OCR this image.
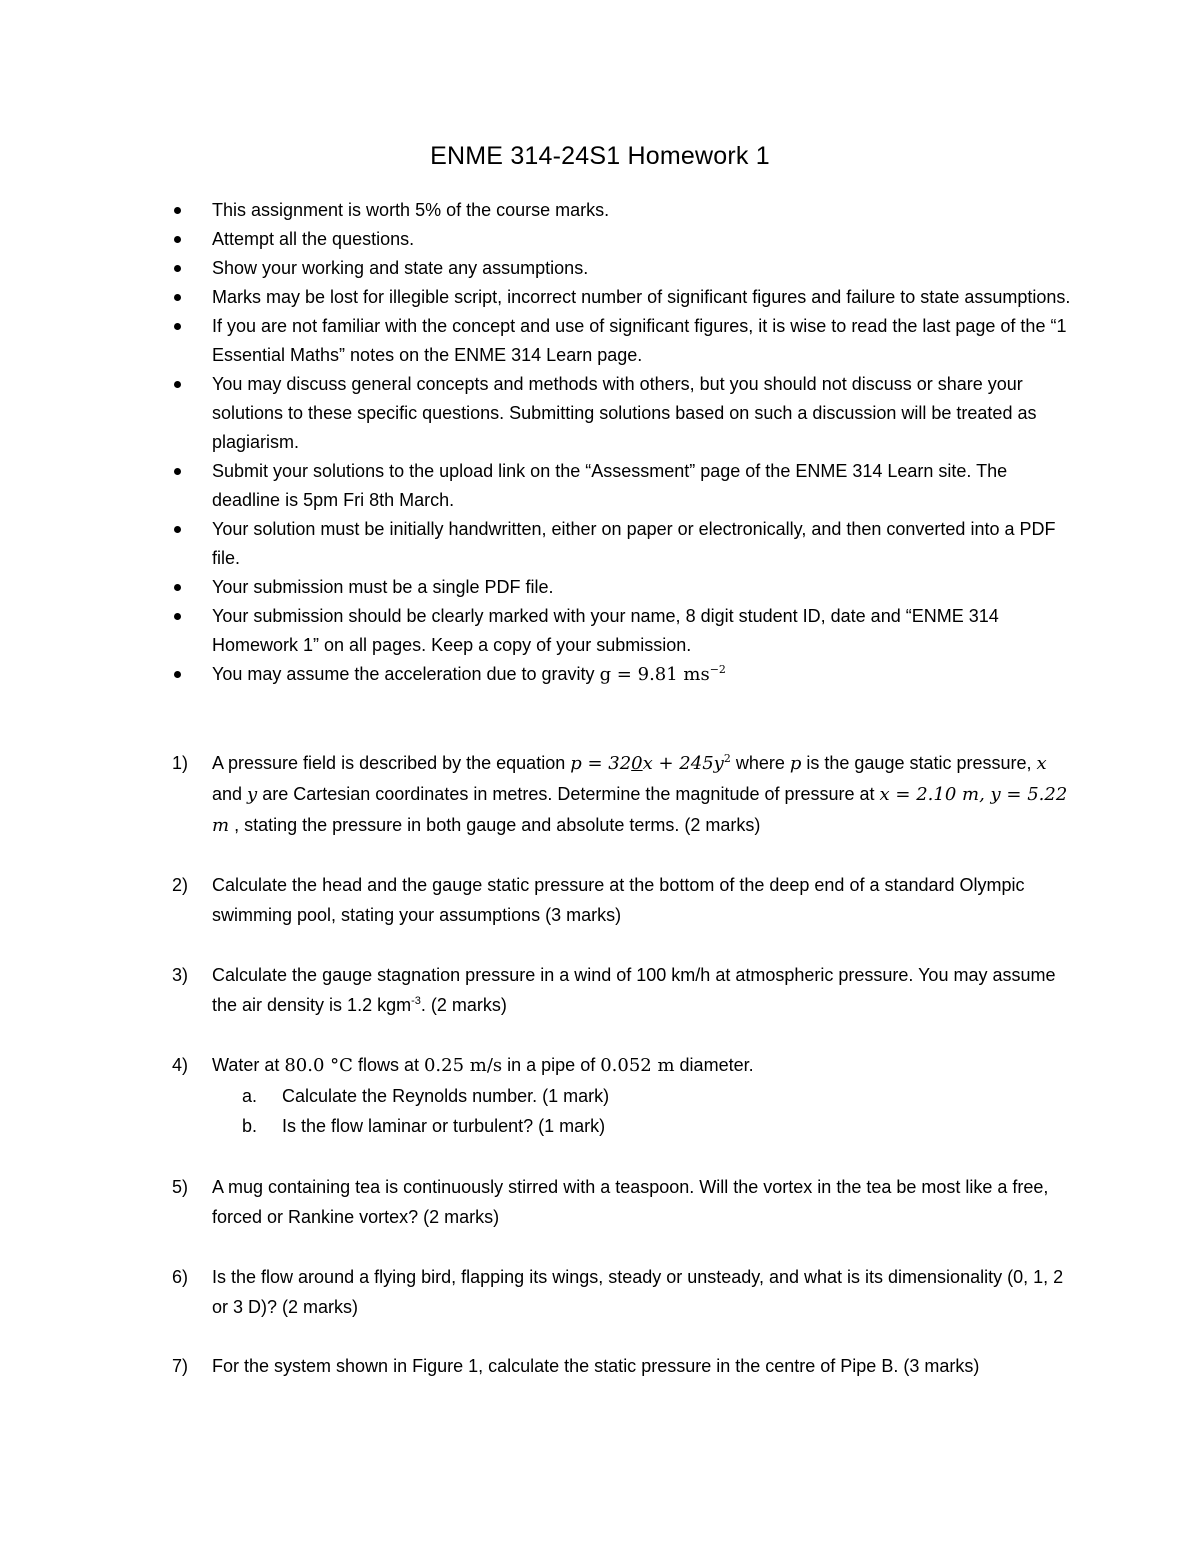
ENME 314-24S1 Homework 1
This assignment is worth 5% of the course marks.
Attempt all the questions.
Show your working and state any assumptions.
Marks may be lost for illegible script, incorrect number of significant figures and failure to state assumptions.
If you are not familiar with the concept and use of significant figures, it is wise to read the last page of the “1 Essential Maths” notes on the ENME 314 Learn page.
You may discuss general concepts and methods with others, but you should not discuss or share your solutions to these specific questions. Submitting solutions based on such a discussion will be treated as plagiarism.
Submit your solutions to the upload link on the “Assessment” page of the ENME 314 Learn site. The deadline is 5pm Fri 8th March.
Your solution must be initially handwritten, either on paper or electronically, and then converted into a PDF file.
Your submission must be a single PDF file.
Your submission should be clearly marked with your name, 8 digit student ID, date and “ENME 314 Homework 1” on all pages. Keep a copy of your submission.
You may assume the acceleration due to gravity g = 9.81 $ms^{-2}$
1) A pressure field is described by the equation $p = 320x + 245y^2$ where p is the gauge static pressure, x and y are Cartesian coordinates in metres. Determine the magnitude of pressure at x = 2.10 m, y = 5.22 m , stating the pressure in both gauge and absolute terms. (2 marks)
2) Calculate the head and the gauge static pressure at the bottom of the deep end of a standard Olympic swimming pool, stating your assumptions (3 marks)
3) Calculate the gauge stagnation pressure in a wind of 100 km/h at atmospheric pressure. You may assume the air density is 1.2 kgm$^{-3}$. (2 marks)
4) Water at 80.0 °C flows at 0.25 m/s in a pipe of 0.052 m diameter.
a. Calculate the Reynolds number. (1 mark)
b. Is the flow laminar or turbulent? (1 mark)
5) A mug containing tea is continuously stirred with a teaspoon. Will the vortex in the tea be most like a free, forced or Rankine vortex? (2 marks)
6) Is the flow around a flying bird, flapping its wings, steady or unsteady, and what is its dimensionality (0, 1, 2 or 3 D)? (2 marks)
7) For the system shown in Figure 1, calculate the static pressure in the centre of Pipe B. (3 marks)
